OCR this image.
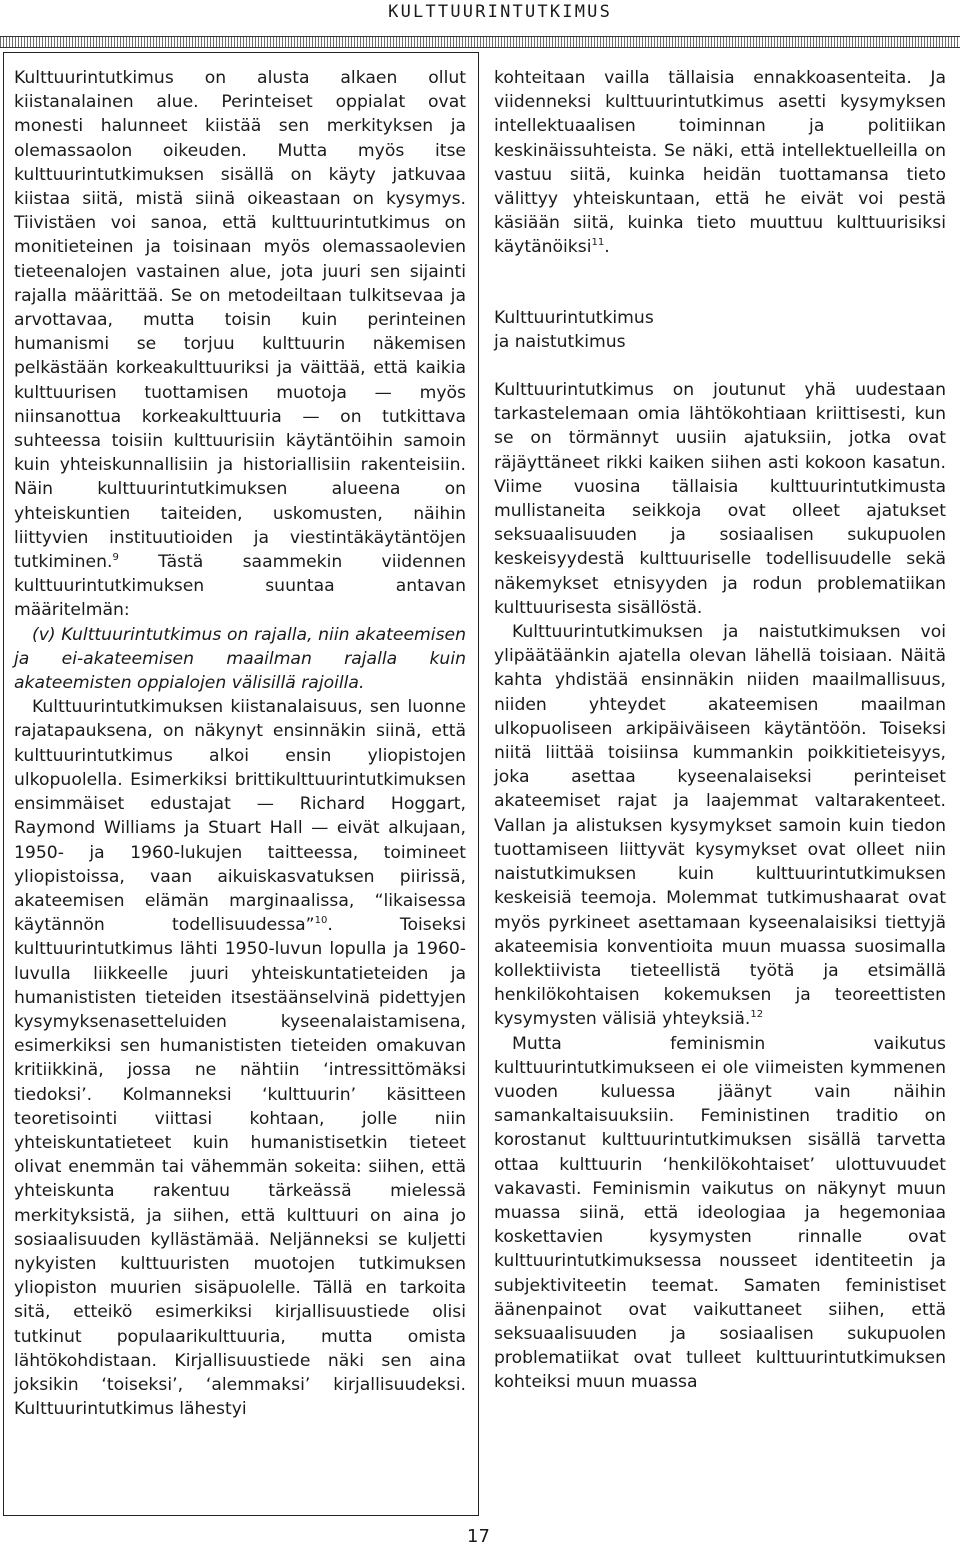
KULTTUURINTUTKIMUS

Kulttuurintutkimus on alusta alkaen ollut kiistanalainen alue. Perinteiset oppialat ovat monesti halunneet kiistää sen merkityksen ja olemassaolon oikeuden. Mutta myös itse kulttuurintutkimuksen sisällä on käyty jatkuvaa kiistaa siitä, mistä siinä oikeastaan on kysymys. Tiivistäen voi sanoa, että kulttuurintutkimus on monitieteinen ja toisinaan myös olemassaolevien tieteenalojen vastainen alue, jota juuri sen sijainti rajalla määrittää. Se on metodeiltaan tulkitsevaa ja arvottavaa, mutta toisin kuin perinteinen humanismi se torjuu kulttuurin näkemisen pelkästään korkeakulttuuriksi ja väittää, että kaikia kulttuurisen tuottamisen muotoja — myös niinsanottua korkeakulttuuria — on tutkittava suhteessa toisiin kulttuurisiin käytäntöihin samoin kuin yhteiskunnallisiin ja historiallisiin rakenteisiin. Näin kulttuurintutkimuksen alueena on yhteiskuntien taiteiden, uskomusten, näihin liittyvien instituutioiden ja viestintäkäytäntöjen tutkiminen.$^9$ Tästä saammekin viidennen kulttuurintutkimuksen suuntaa antavan määritelmän:

(v) Kulttuurintutkimus on rajalla, niin akateemisen ja ei-akateemisen maailman rajalla kuin akateemisten oppialojen välisillä rajoilla.

Kulttuurintutkimuksen kiistanalaisuus, sen luonne rajatapauksena, on näkynyt ensinnäkin siinä, että kulttuurintutkimus alkoi ensin yliopistojen ulkopuolella. Esimerkiksi brittikulttuurintutkimuksen ensimmäiset edustajat — Richard Hoggart, Raymond Williams ja Stuart Hall — eivät alkujaan, 1950- ja 1960-lukujen taitteessa, toimineet yliopistoissa, vaan aikuiskasvatuksen piirissä, akateemisen elämän marginaalissa, “likaisessa käytännön todellisuudessa”$^{10}$. Toiseksi kulttuurintutkimus lähti 1950-luvun lopulla ja 1960-luvulla liikkeelle juuri yhteiskuntatieteiden ja humanististen tieteiden itsestäänselvinä pidettyjen kysymyksenasetteluiden kyseenalaistamisena, esimerkiksi sen humanististen tieteiden omakuvan kritiikkinä, jossa ne nähtiin ‘intressittömäksi tiedoksi’. Kolmanneksi ‘kulttuurin’ käsitteen teoretisointi viittasi kohtaan, jolle niin yhteiskuntatieteet kuin humanistisetkin tieteet olivat enemmän tai vähemmän sokeita: siihen, että yhteiskunta rakentuu tärkeässä mielessä merkityksistä, ja siihen, että kulttuuri on aina jo sosiaalisuuden kyllästämää. Neljänneksi se kuljetti nykyisten kulttuuristen muotojen tutkimuksen yliopiston muurien sisäpuolelle. Tällä en tarkoita sitä, etteikö esimerkiksi kirjallisuustiede olisi tutkinut populaarikulttuuria, mutta omista lähtökohdistaan. Kirjallisuustiede näki sen aina joksikin ‘toiseksi’, ‘alemmaksi’ kirjallisuudeksi. Kulttuurintutkimus lähestyi

kohteitaan vailla tällaisia ennakkoasenteita. Ja viidenneksi kulttuurintutkimus asetti kysymyksen intellektuaalisen toiminnan ja politiikan keskinäissuhteista. Se näki, että intellektuelleilla on vastuu siitä, kuinka heidän tuottamansa tieto välittyy yhteiskuntaan, että he eivät voi pestä käsiään siitä, kuinka tieto muuttuu kulttuurisiksi käytänöiksi$^{11}$.

Kulttuurintutkimus
ja naistutkimus

Kulttuurintutkimus on joutunut yhä uudestaan tarkastelemaan omia lähtökohtiaan kriittisesti, kun se on törmännyt uusiin ajatuksiin, jotka ovat räjäyttäneet rikki kaiken siihen asti kokoon kasatun. Viime vuosina tällaisia kulttuurintutkimusta mullistaneita seikkoja ovat olleet ajatukset seksuaalisuuden ja sosiaalisen sukupuolen keskeisyydestä kulttuuriselle todellisuudelle sekä näkemykset etnisyyden ja rodun problematiikan kulttuurisesta sisällöstä.

Kulttuurintutkimuksen ja naistutkimuksen voi ylipäätäänkin ajatella olevan lähellä toisiaan. Näitä kahta yhdistää ensinnäkin niiden maailmallisuus, niiden yhteydet akateemisen maailman ulkopuoliseen arkipäiväiseen käytäntöön. Toiseksi niitä liittää toisiinsa kummankin poikkitieteisyys, joka asettaa kyseenalaiseksi perinteiset akateemiset rajat ja laajemmat valtarakenteet. Vallan ja alistuksen kysymykset samoin kuin tiedon tuottamiseen liittyvät kysymykset ovat olleet niin naistutkimuksen kuin kulttuurintutkimuksen keskeisiä teemoja. Molemmat tutkimushaarat ovat myös pyrkineet asettamaan kyseenalaisiksi tiettyjä akateemisia konventioita muun muassa suosimalla kollektiivista tieteellistä työtä ja etsimällä henkilökohtaisen kokemuksen ja teoreettisten kysymysten välisiä yhteyksiä.$^{12}$

Mutta feminismin vaikutus kulttuurintutkimukseen ei ole viimeisten kymmenen vuoden kuluessa jäänyt vain näihin samankaltaisuuksiin. Feministinen traditio on korostanut kulttuurintutkimuksen sisällä tarvetta ottaa kulttuurin ‘henkilökohtaiset’ ulottuvuudet vakavasti. Feminismin vaikutus on näkynyt muun muassa siinä, että ideologiaa ja hegemoniaa koskettavien kysymysten rinnalle ovat kulttuurintutkimuksessa nousseet identiteetin ja subjektiviteetin teemat. Samaten feministiset äänenpainot ovat vaikuttaneet siihen, että seksuaalisuuden ja sosiaalisen sukupuolen problematiikat ovat tulleet kulttuurintutkimuksen kohteiksi muun muassa

17
